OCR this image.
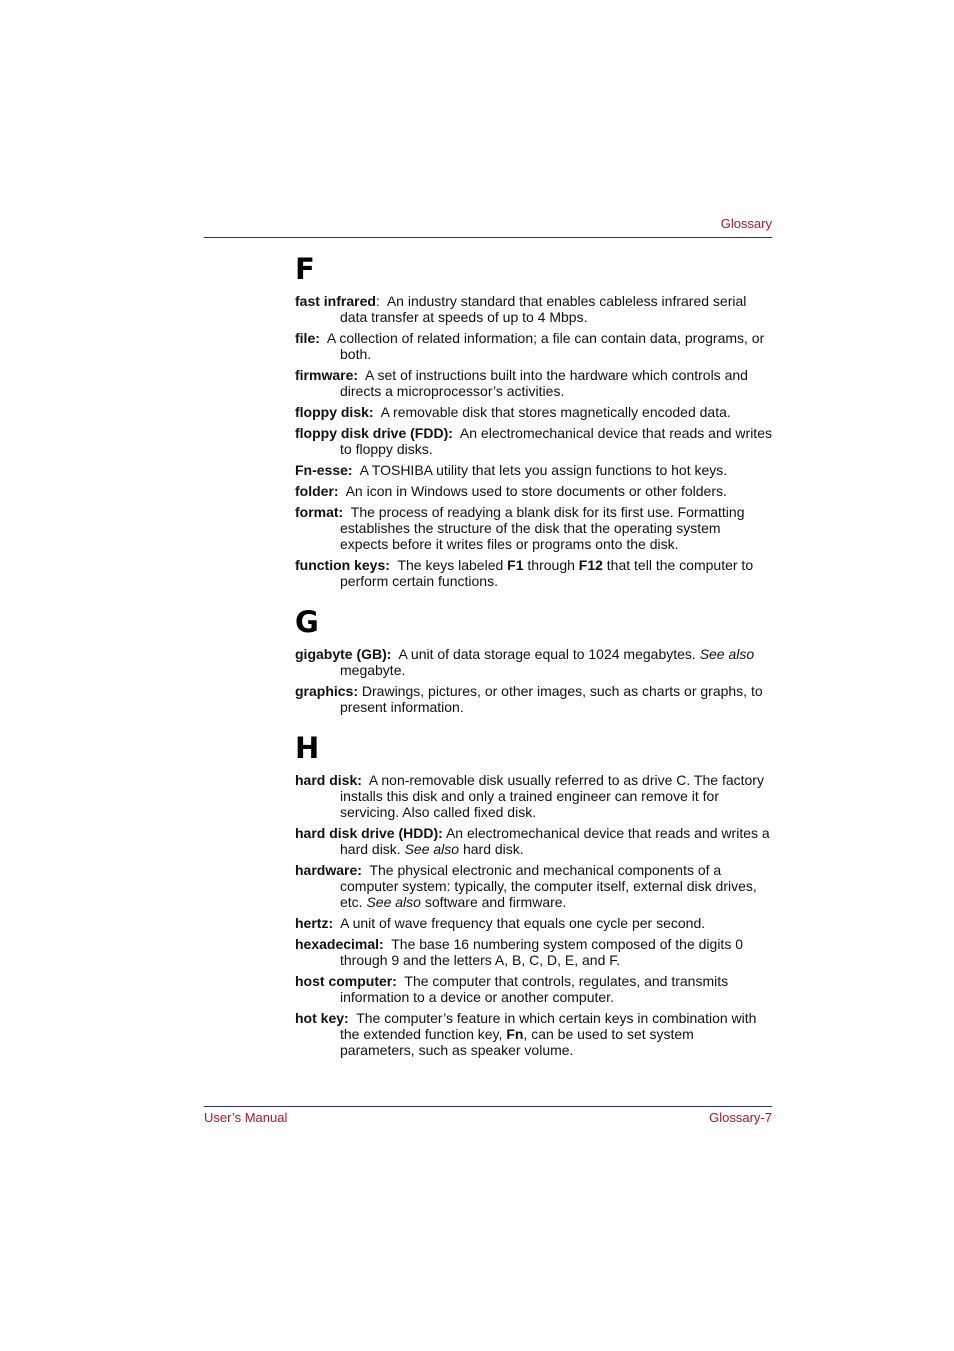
Glossary
F
fast infrared:  An industry standard that enables cableless infrared serial data transfer at speeds of up to 4 Mbps.
file: A collection of related information; a file can contain data, programs, or both.
firmware: A set of instructions built into the hardware which controls and directs a microprocessor’s activities.
floppy disk: A removable disk that stores magnetically encoded data.
floppy disk drive (FDD): An electromechanical device that reads and writes to floppy disks.
Fn-esse: A TOSHIBA utility that lets you assign functions to hot keys.
folder: An icon in Windows used to store documents or other folders.
format: The process of readying a blank disk for its first use. Formatting establishes the structure of the disk that the operating system expects before it writes files or programs onto the disk.
function keys: The keys labeled F1 through F12 that tell the computer to perform certain functions.
G
gigabyte (GB): A unit of data storage equal to 1024 megabytes. See also megabyte.
graphics: Drawings, pictures, or other images, such as charts or graphs, to present information.
H
hard disk: A non-removable disk usually referred to as drive C. The factory installs this disk and only a trained engineer can remove it for servicing. Also called fixed disk.
hard disk drive (HDD): An electromechanical device that reads and writes a hard disk. See also hard disk.
hardware: The physical electronic and mechanical components of a computer system: typically, the computer itself, external disk drives, etc. See also software and firmware.
hertz: A unit of wave frequency that equals one cycle per second.
hexadecimal: The base 16 numbering system composed of the digits 0 through 9 and the letters A, B, C, D, E, and F.
host computer: The computer that controls, regulates, and transmits information to a device or another computer.
hot key: The computer’s feature in which certain keys in combination with the extended function key, Fn, can be used to set system parameters, such as speaker volume.
User’s Manual	Glossary-7
